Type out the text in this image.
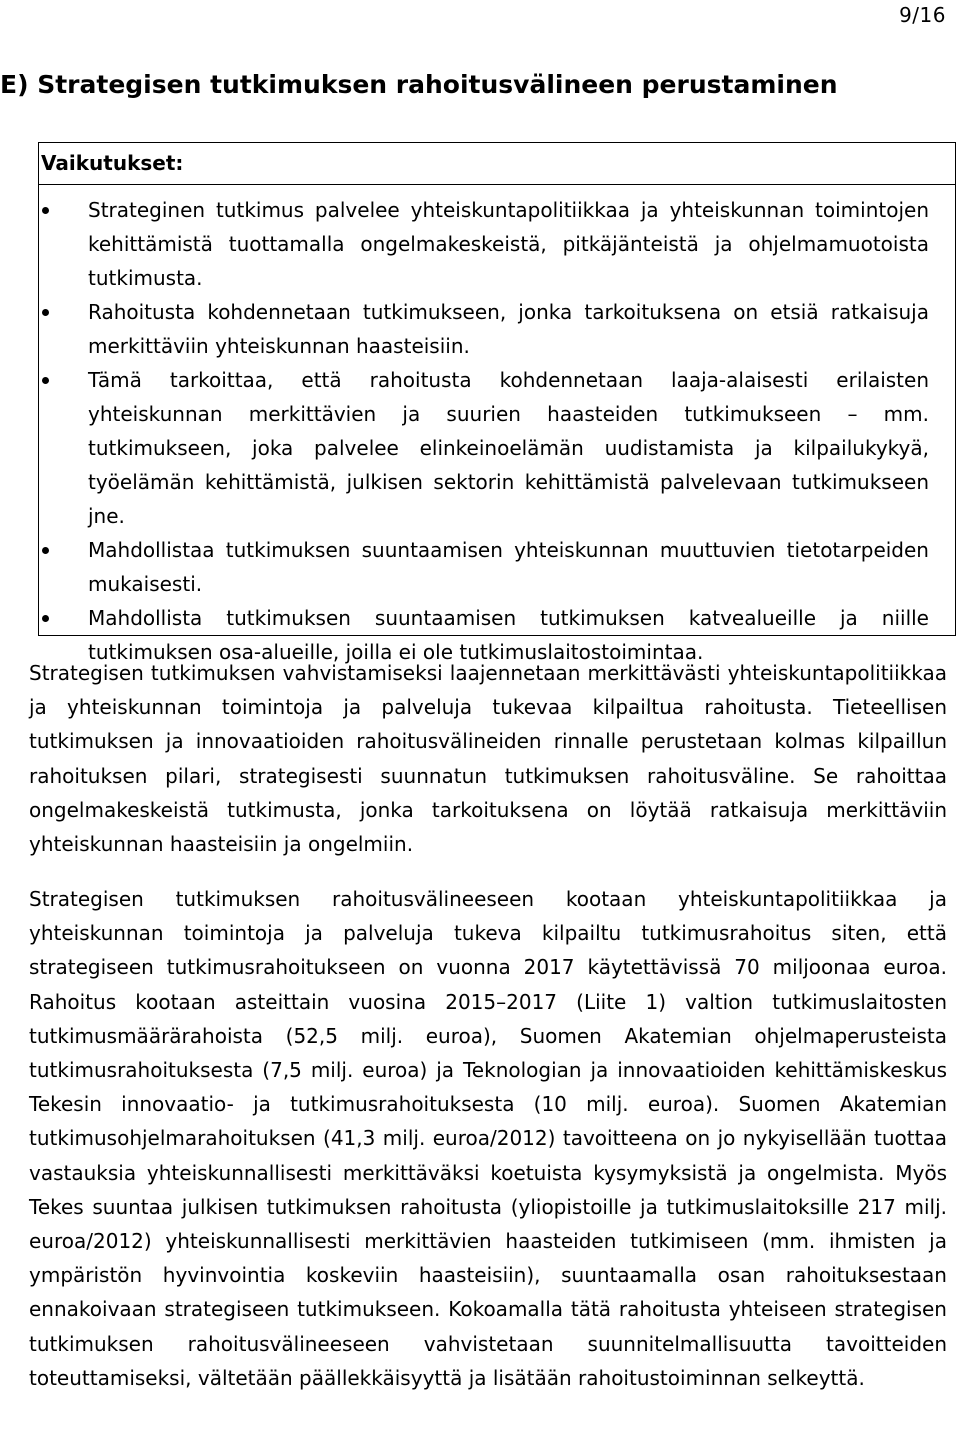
9/16
E) Strategisen tutkimuksen rahoitusvälineen perustaminen
Vaikutukset:
Strateginen tutkimus palvelee yhteiskuntapolitiikkaa ja yhteiskunnan toimintojen kehittämistä tuottamalla ongelmakeskeistä, pitkäjänteistä ja ohjelmamuotoista tutkimusta.
Rahoitusta kohdennetaan tutkimukseen, jonka tarkoituksena on etsiä ratkaisuja merkittäviin yhteiskunnan haasteisiin.
Tämä tarkoittaa, että rahoitusta kohdennetaan laaja-alaisesti erilaisten yhteiskunnan merkittävien ja suurien haasteiden tutkimukseen – mm. tutkimukseen, joka palvelee elinkeinoelämän uudistamista ja kilpailukykyä, työelämän kehittämistä, julkisen sektorin kehittämistä palvelevaan tutkimukseen jne.
Mahdollistaa tutkimuksen suuntaamisen yhteiskunnan muuttuvien tietotarpeiden mukaisesti.
Mahdollista tutkimuksen suuntaamisen tutkimuksen katvealueille ja niille tutkimuksen osa-alueille, joilla ei ole tutkimuslaitostoimintaa.

Strategisen tutkimuksen vahvistamiseksi laajennetaan merkittävästi yhteiskuntapolitiikkaa ja yhteiskunnan toimintoja ja palveluja tukevaa kilpailtua rahoitusta. Tieteellisen tutkimuksen ja innovaatioiden rahoitusvälineiden rinnalle perustetaan kolmas kilpaillun rahoituksen pilari, strategisesti suunnatun tutkimuksen rahoitusväline. Se rahoittaa ongelmakeskeistä tutkimusta, jonka tarkoituksena on löytää ratkaisuja merkittäviin yhteiskunnan haasteisiin ja ongelmiin.

Strategisen tutkimuksen rahoitusvälineeseen kootaan yhteiskuntapolitiikkaa ja yhteiskunnan toimintoja ja palveluja tukeva kilpailtu tutkimusrahoitus siten, että strategiseen tutkimusrahoitukseen on vuonna 2017 käytettävissä 70 miljoonaa euroa. Rahoitus kootaan asteittain vuosina 2015–2017 (Liite 1) valtion tutkimuslaitosten tutkimusmäärärahoista (52,5 milj. euroa), Suomen Akatemian ohjelmaperusteista tutkimusrahoituksesta (7,5 milj. euroa) ja Teknologian ja innovaatioiden kehittämiskeskus Tekesin innovaatio- ja tutkimusrahoituksesta (10 milj. euroa). Suomen Akatemian tutkimusohjelmarahoituksen (41,3 milj. euroa/2012) tavoitteena on jo nykyisellään tuottaa vastauksia yhteiskunnallisesti merkittäväksi koetuista kysymyksistä ja ongelmista. Myös Tekes suuntaa julkisen tutkimuksen rahoitusta (yliopistoille ja tutkimuslaitoksille 217 milj. euroa/2012) yhteiskunnallisesti merkittävien haasteiden tutkimiseen (mm. ihmisten ja ympäristön hyvinvointia koskeviin haasteisiin), suuntaamalla osan rahoituksestaan ennakoivaan strategiseen tutkimukseen. Kokoamalla tätä rahoitusta yhteiseen strategisen tutkimuksen rahoitusvälineeseen vahvistetaan suunnitelmallisuutta tavoitteiden toteuttamiseksi, vältetään päällekkäisyyttä ja lisätään rahoitustoiminnan selkeyttä.
